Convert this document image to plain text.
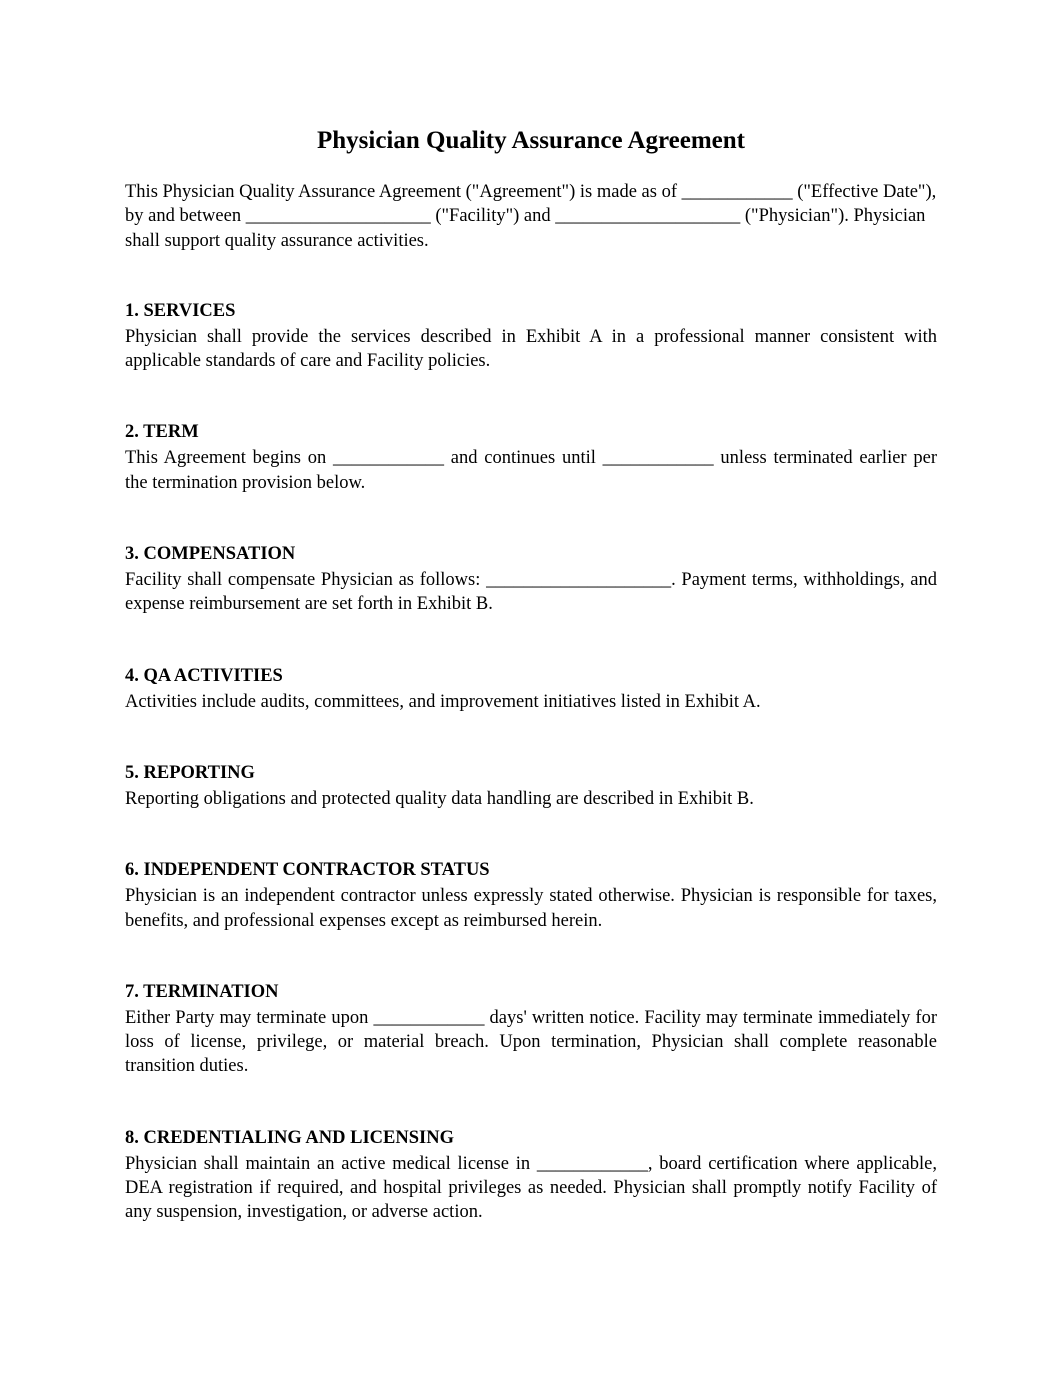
Physician Quality Assurance Agreement

This Physician Quality Assurance Agreement ("Agreement") is made as of ____________ ("Effective Date"), by and between ____________________ ("Facility") and ____________________ ("Physician"). Physician shall support quality assurance activities.

1. SERVICES

Physician shall provide the services described in Exhibit A in a professional manner consistent with applicable standards of care and Facility policies.

2. TERM

This Agreement begins on ____________ and continues until ____________ unless terminated earlier per the termination provision below.

3. COMPENSATION

Facility shall compensate Physician as follows: ____________________. Payment terms, withholdings, and expense reimbursement are set forth in Exhibit B.

4. QA ACTIVITIES

Activities include audits, committees, and improvement initiatives listed in Exhibit A.

5. REPORTING

Reporting obligations and protected quality data handling are described in Exhibit B.

6. INDEPENDENT CONTRACTOR STATUS

Physician is an independent contractor unless expressly stated otherwise. Physician is responsible for taxes, benefits, and professional expenses except as reimbursed herein.

7. TERMINATION

Either Party may terminate upon ____________ days' written notice. Facility may terminate immediately for loss of license, privilege, or material breach. Upon termination, Physician shall complete reasonable transition duties.

8. CREDENTIALING AND LICENSING

Physician shall maintain an active medical license in ____________, board certification where applicable, DEA registration if required, and hospital privileges as needed. Physician shall promptly notify Facility of any suspension, investigation, or adverse action.
